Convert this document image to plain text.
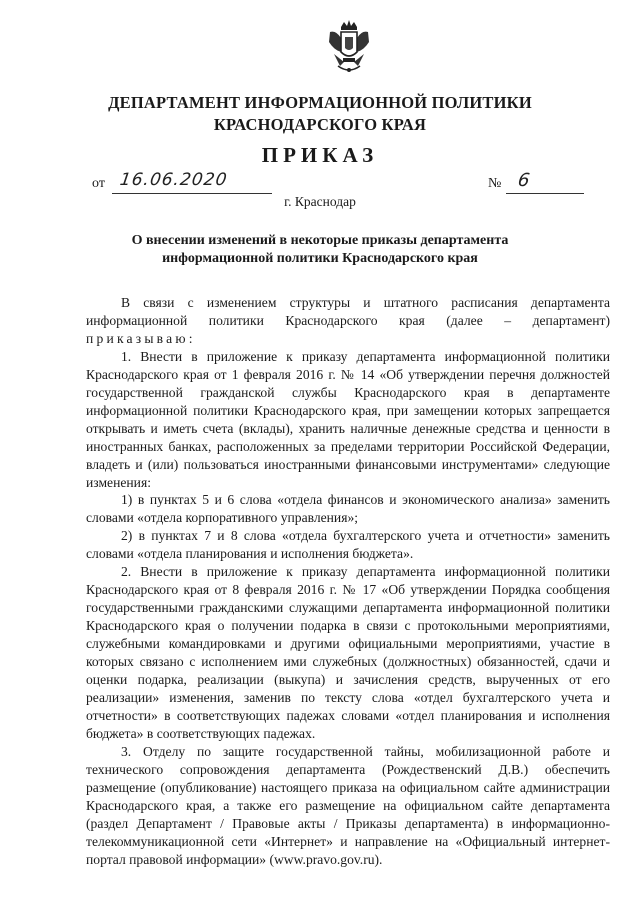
ДЕПАРТАМЕНТ ИНФОРМАЦИОННОЙ ПОЛИТИКИ
КРАСНОДАРСКОГО КРАЯ
ПРИКАЗ
от 16.06.2020	№ 6
г. Краснодар
О внесении изменений в некоторые приказы департамента
информационной политики Краснодарского края

В связи с изменением структуры и штатного расписания департамента информационной политики Краснодарского края (далее – департамент) приказываю:

1. Внести в приложение к приказу департамента информационной политики Краснодарского края от 1 февраля 2016 г. № 14 «Об утверждении перечня должностей государственной гражданской службы Краснодарского края в департаменте информационной политики Краснодарского края, при замещении которых запрещается открывать и иметь счета (вклады), хранить наличные денежные средства и ценности в иностранных банках, расположенных за пределами территории Российской Федерации, владеть и (или) пользоваться иностранными финансовыми инструментами» следующие изменения:

1) в пунктах 5 и 6 слова «отдела финансов и экономического анализа» заменить словами «отдела корпоративного управления»;

2) в пунктах 7 и 8 слова «отдела бухгалтерского учета и отчетности» заменить словами «отдела планирования и исполнения бюджета».

2. Внести в приложение к приказу департамента информационной политики Краснодарского края от 8 февраля 2016 г. № 17 «Об утверждении Порядка сообщения государственными гражданскими служащими департамента информационной политики Краснодарского края о получении подарка в связи с протокольными мероприятиями, служебными командировками и другими официальными мероприятиями, участие в которых связано с исполнением ими служебных (должностных) обязанностей, сдачи и оценки подарка, реализации (выкупа) и зачисления средств, вырученных от его реализации» изменения, заменив по тексту слова «отдел бухгалтерского учета и отчетности» в соответствующих падежах словами «отдел планирования и исполнения бюджета» в соответствующих падежах.

3. Отделу по защите государственной тайны, мобилизационной работе и технического сопровождения департамента (Рождественский Д.В.) обеспечить размещение (опубликование) настоящего приказа на официальном сайте администрации Краснодарского края, а также его размещение на официальном сайте департамента (раздел Департамент / Правовые акты / Приказы департамента) в информационно-телекоммуникационной сети «Интернет» и направление на «Официальный интернет-портал правовой информации» (www.pravo.gov.ru).
